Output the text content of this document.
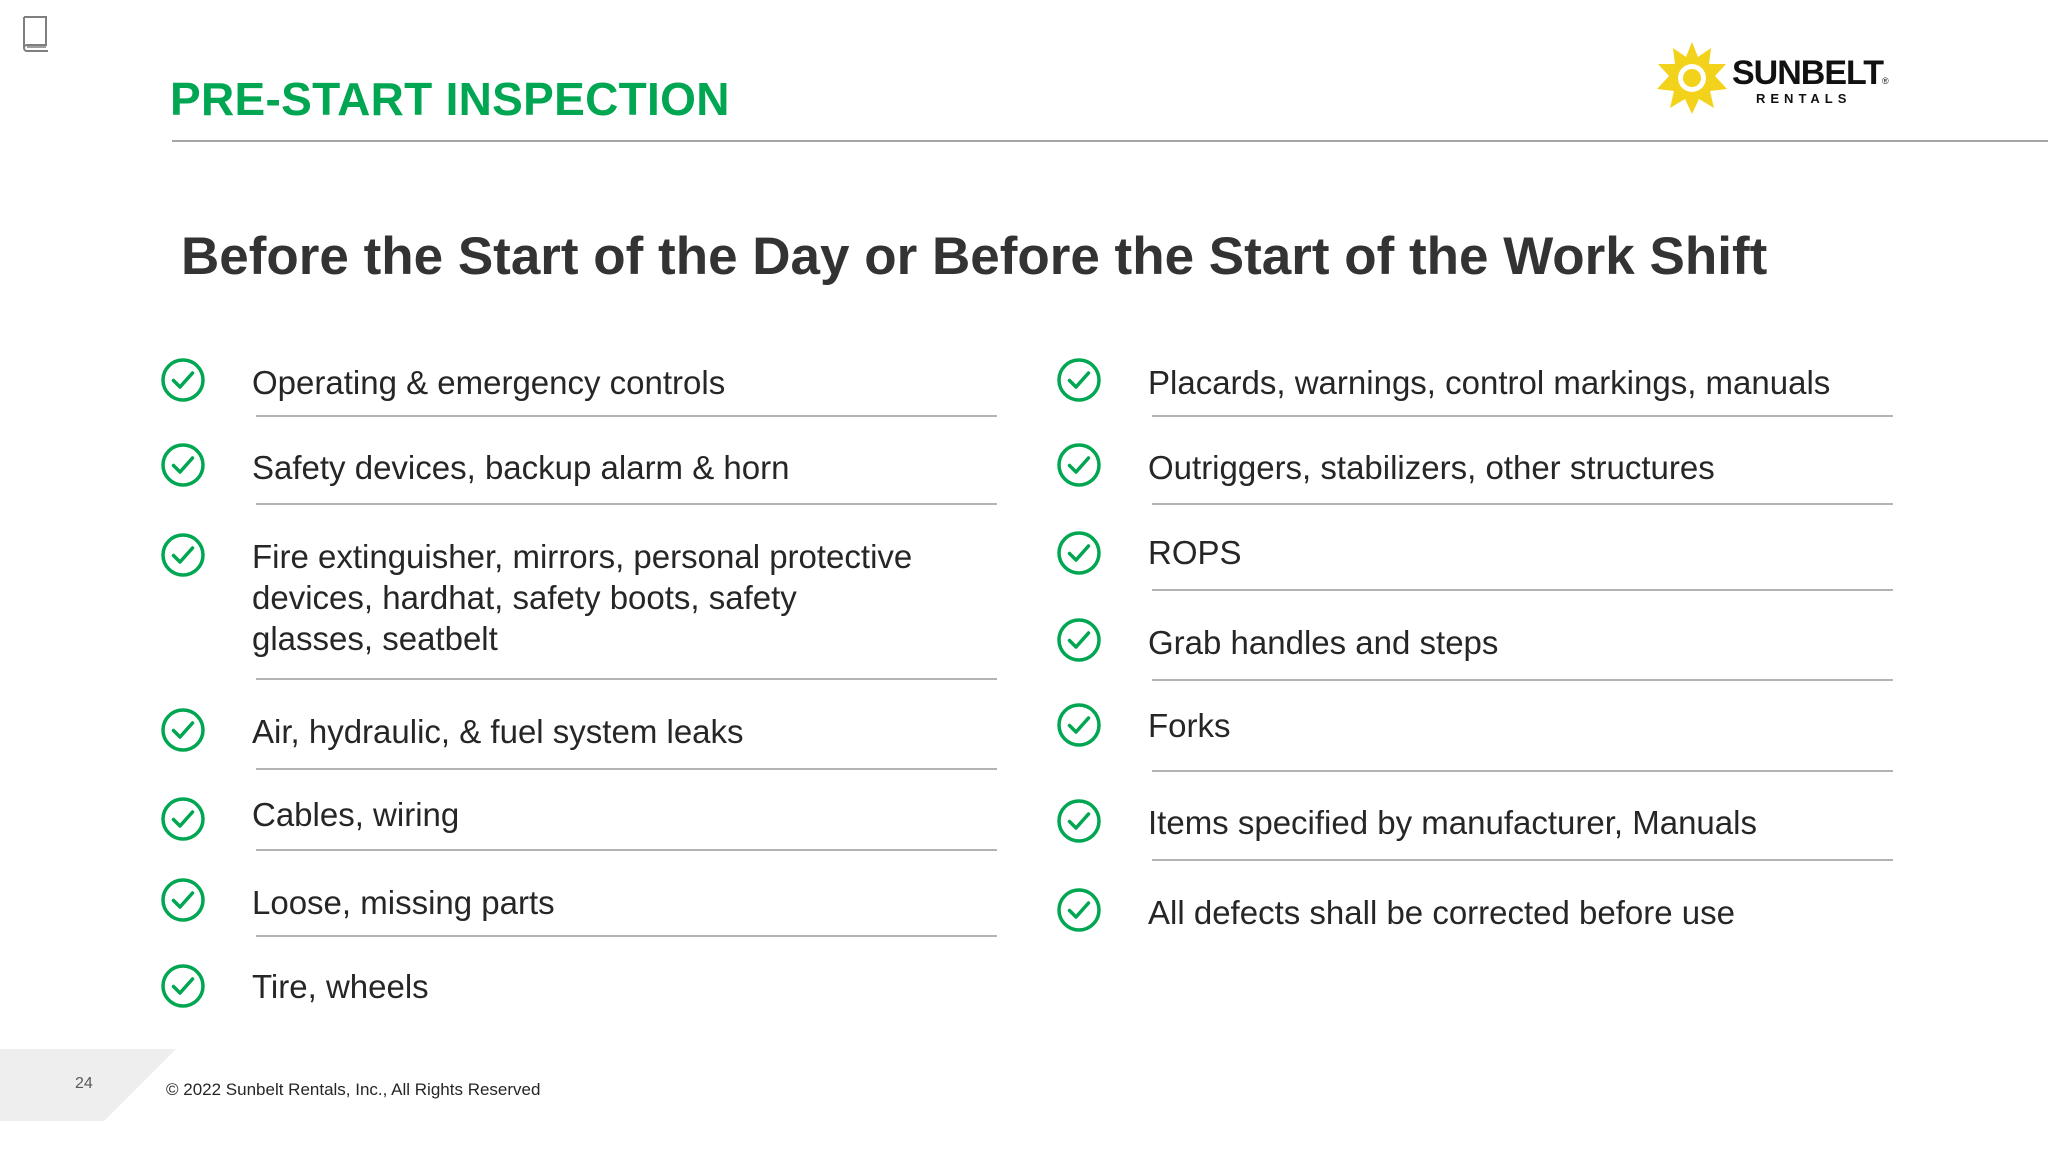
PRE-START INSPECTION	SUNBELT
®
RENTALS
Before the Start of the Day or Before the Start of the Work Shift
Operating & emergency controls
Safety devices, backup alarm & horn
Fire extinguisher, mirrors, personal protective devices, hardhat, safety boots, safety glasses, seatbelt
Air, hydraulic, & fuel system leaks
Cables, wiring
Loose, missing parts
Tire, wheels
Placards, warnings, control markings, manuals
Outriggers, stabilizers, other structures
ROPS
Grab handles and steps
Forks
Items specified by manufacturer, Manuals
All defects shall be corrected before use
24	© 2022 Sunbelt Rentals, Inc., All Rights Reserved
